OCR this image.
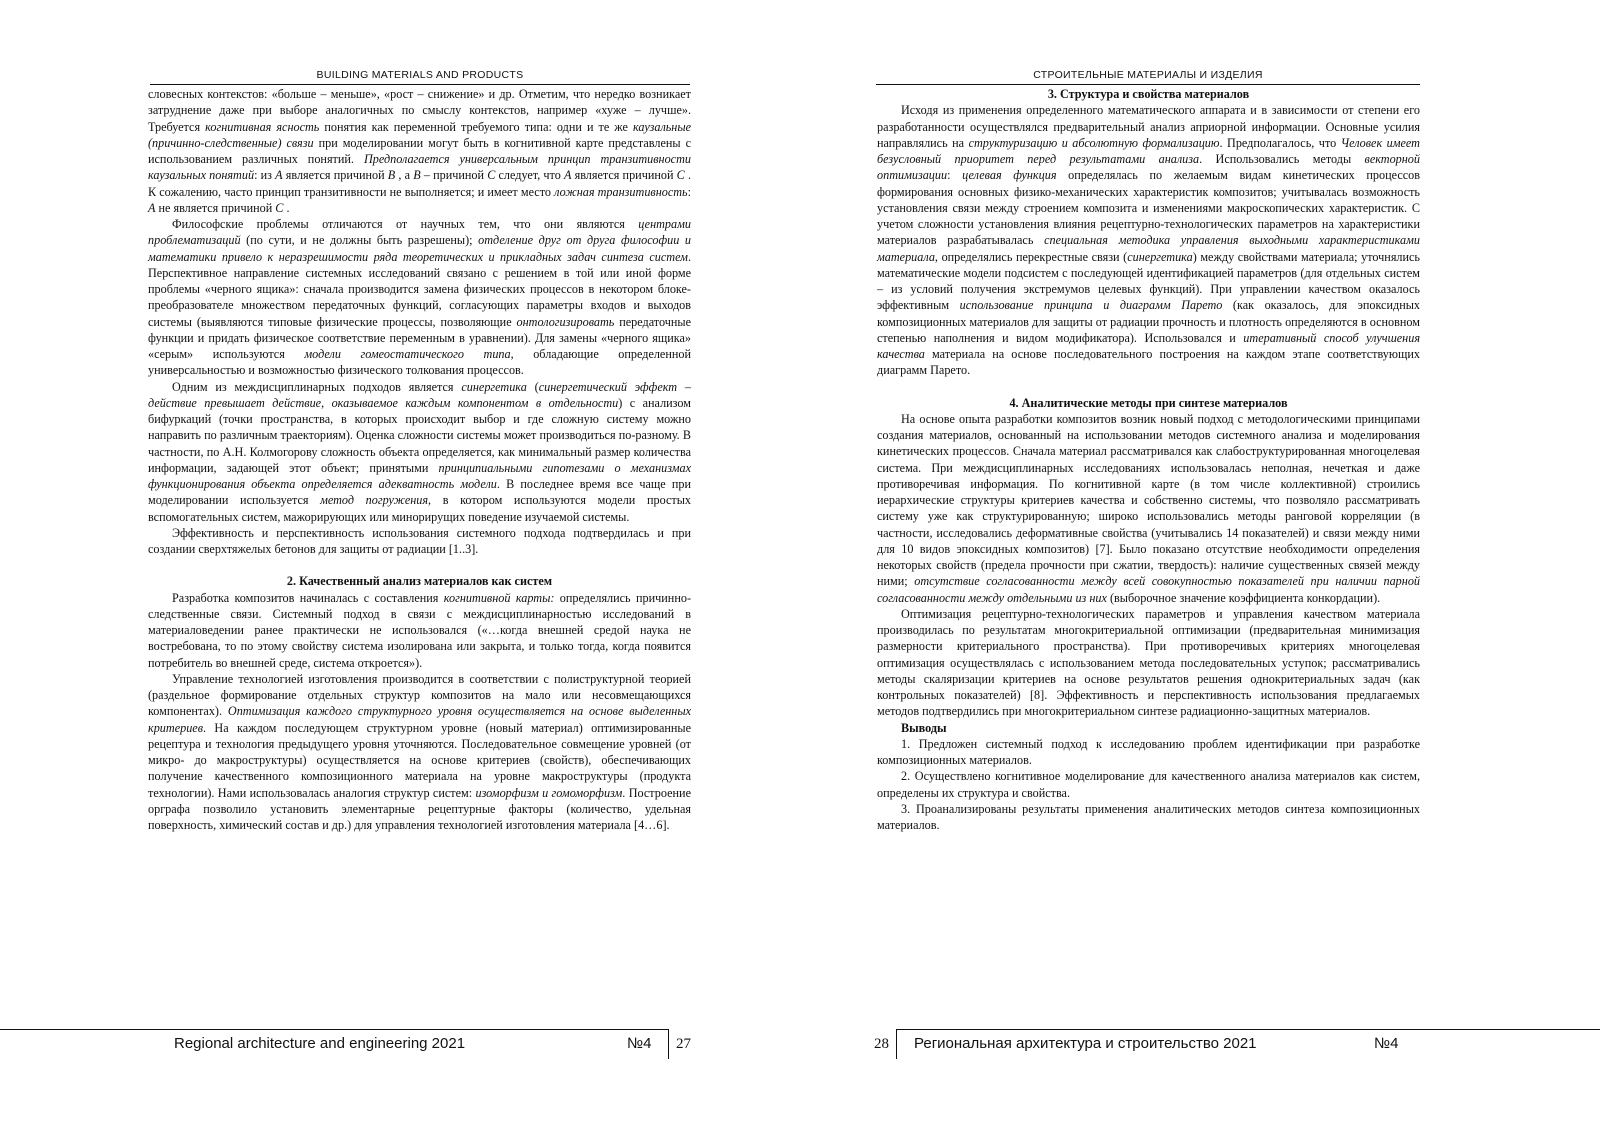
BUILDING MATERIALS AND PRODUCTS

словесных контекстов: «больше – меньше», «рост – снижение» и др. Отметим, что нередко возникает затруднение даже при выборе аналогичных по смыслу контекстов, например «хуже – лучше». Требуется когнитивная ясность понятия как переменной требуемого типа: одни и те же каузальные (причинно-следственные) связи при моделировании могут быть в когнитивной карте представлены с использованием различных понятий. Предполагается универсальным принцип транзитивности каузальных понятий: из A является причиной B , а B – причиной C следует, что A является причиной C . К сожалению, часто принцип транзитивности не выполняется; и имеет место ложная транзитивность: A не является причиной C .

Философские проблемы отличаются от научных тем, что они являются центрами проблематизаций (по сути, и не должны быть разрешены); отделение друг от друга философии и математики привело к неразрешимости ряда теоретических и прикладных задач синтеза систем. Перспективное направление системных исследований связано с решением в той или иной форме проблемы «черного ящика»: сначала производится замена физических процессов в некотором блоке-преобразователе множеством передаточных функций, согласующих параметры входов и выходов системы (выявляются типовые физические процессы, позволяющие онтологизировать передаточные функции и придать физическое соответствие переменным в уравнении). Для замены «черного ящика» «серым» используются модели гомеостатического типа, обладающие определенной универсальностью и возможностью физического толкования процессов.

Одним из междисциплинарных подходов является синергетика (синергетический эффект – действие превышает действие, оказываемое каждым компонентом в отдельности) с анализом бифуркаций (точки пространства, в которых происходит выбор и где сложную систему можно направить по различным траекториям). Оценка сложности системы может производиться по-разному. В частности, по А.Н. Колмогорову сложность объекта определяется, как минимальный размер количества информации, задающей этот объект; принятыми принципиальными гипотезами о механизмах функционирования объекта определяется адекватность модели. В последнее время все чаще при моделировании используется метод погружения, в котором используются модели простых вспомогательных систем, мажорирующих или минорирущих поведение изучаемой системы.

Эффективность и перспективность использования системного подхода подтвердилась и при создании сверхтяжелых бетонов для защиты от радиации [1..3].

2. Качественный анализ материалов как систем

Разработка композитов начиналась с составления когнитивной карты: определялись причинно-следственные связи. Системный подход в связи с междисциплинарностью исследований в материаловедении ранее практически не использовался («…когда внешней средой наука не востребована, то по этому свойству система изолирована или закрыта, и только тогда, когда появится потребитель во внешней среде, система откроется»).

Управление технологией изготовления производится в соответствии с полиструктурной теорией (раздельное формирование отдельных структур композитов на мало или несовмещающихся компонентах). Оптимизация каждого структурного уровня осуществляется на основе выделенных критериев. На каждом последующем структурном уровне (новый материал) оптимизированные рецептура и технология предыдущего уровня уточняются. Последовательное совмещение уровней (от микро- до макроструктуры) осуществляется на основе критериев (свойств), обеспечивающих получение качественного композиционного материала на уровне макроструктуры (продукта технологии). Нами использовалась аналогия структур систем: изоморфизм и гомоморфизм. Построение орграфа позволило установить элементарные рецептурные факторы (количество, удельная поверхность, химический состав и др.) для управления технологией изготовления материала [4…6].

Regional architecture and engineering 2021	№4 27
СТРОИТЕЛЬНЫЕ МАТЕРИАЛЫ И ИЗДЕЛИЯ
3. Структура и свойства материалов

Исходя из применения определенного математического аппарата и в зависимости от степени его разработанности осуществлялся предварительный анализ априорной информации. Основные усилия направлялись на структуризацию и абсолютную формализацию. Предполагалось, что Человек имеет безусловный приоритет перед результатами анализа. Использовались методы векторной оптимизации: целевая функция определялась по желаемым видам кинетических процессов формирования основных физико-механических характеристик композитов; учитывалась возможность установления связи между строением композита и изменениями макроскопических характеристик. С учетом сложности установления влияния рецептурно-технологических параметров на характеристики материалов разрабатывалась специальная методика управления выходными характеристиками материала, определялись перекрестные связи (синергетика) между свойствами материала; уточнялись математические модели подсистем с последующей идентификацией параметров (для отдельных систем – из условий получения экстремумов целевых функций). При управлении качеством оказалось эффективным использование принципа и диаграмм Парето (как оказалось, для эпоксидных композиционных материалов для защиты от радиации прочность и плотность определяются в основном степенью наполнения и видом модификатора). Использовался и итеративный способ улучшения качества материала на основе последовательного построения на каждом этапе соответствующих диаграмм Парето.

4. Аналитические методы при синтезе материалов

На основе опыта разработки композитов возник новый подход с методологическими принципами создания материалов, основанный на использовании методов системного анализа и моделирования кинетических процессов. Сначала материал рассматривался как слабоструктурированная многоцелевая система. При междисциплинарных исследованиях использовалась неполная, нечеткая и даже противоречивая информация. По когнитивной карте (в том числе коллективной) строились иерархические структуры критериев качества и собственно системы, что позволяло рассматривать систему уже как структурированную; широко использовались методы ранговой корреляции (в частности, исследовались деформативные свойства (учитывались 14 показателей) и связи между ними для 10 видов эпоксидных композитов) [7]. Было показано отсутствие необходимости определения некоторых свойств (предела прочности при сжатии, твердость): наличие существенных связей между ними; отсутствие согласованности между всей совокупностью показателей при наличии парной согласованности между отдельными из них (выборочное значение коэффициента конкордации).

Оптимизация рецептурно-технологических параметров и управления качеством материала производилась по результатам многокритериальной оптимизации (предварительная минимизация размерности критериального пространства). При противоречивых критериях многоцелевая оптимизация осуществлялась с использованием метода последовательных уступок; рассматривались методы скаляризации критериев на основе результатов решения однокритериальных задач (как контрольных показателей) [8]. Эффективность и перспективность использования предлагаемых методов подтвердились при многокритериальном синтезе радиационно-защитных материалов.

Выводы

1. Предложен системный подход к исследованию проблем идентификации при разработке композиционных материалов.

2. Осуществлено когнитивное моделирование для качественного анализа материалов как систем, определены их структура и свойства.

3. Проанализированы результаты применения аналитических методов синтеза композиционных материалов.

28 Региональная архитектура и строительство 2021	№4
